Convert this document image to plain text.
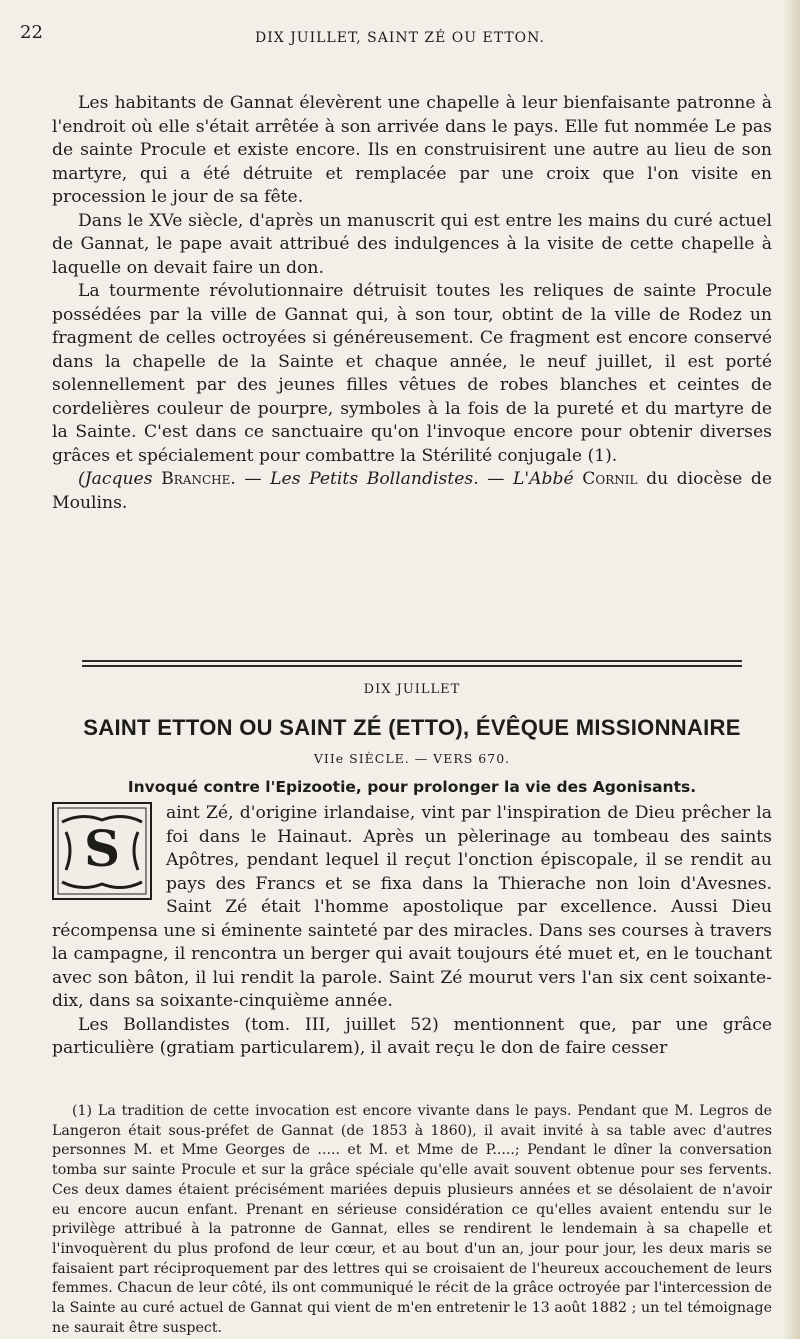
22	DIX JUILLET, SAINT ZÉ OU ETTON.

Les habitants de Gannat élevèrent une chapelle à leur bienfaisante patronne à l'endroit où elle s'était arrêtée à son arrivée dans le pays. Elle fut nommée Le pas de sainte Procule et existe encore. Ils en construisirent une autre au lieu de son martyre, qui a été détruite et remplacée par une croix que l'on visite en procession le jour de sa fête.

Dans le XVe siècle, d'après un manuscrit qui est entre les mains du curé actuel de Gannat, le pape avait attribué des indulgences à la visite de cette chapelle à laquelle on devait faire un don.

La tourmente révolutionnaire détruisit toutes les reliques de sainte Procule possédées par la ville de Gannat qui, à son tour, obtint de la ville de Rodez un fragment de celles octroyées si généreusement. Ce fragment est encore conservé dans la chapelle de la Sainte et chaque année, le neuf juillet, il est porté solennellement par des jeunes filles vêtues de robes blanches et ceintes de cordelières couleur de pourpre, symboles à la fois de la pureté et du martyre de la Sainte. C'est dans ce sanctuaire qu'on l'invoque encore pour obtenir diverses grâces et spécialement pour combattre la Stérilité conjugale (1).

(Jacques Branche. — Les Petits Bollandistes. — L'Abbé Cornil du diocèse de Moulins.

DIX JUILLET
SAINT ETTON OU SAINT ZÉ (ETTO), ÉVÊQUE MISSIONNAIRE
VIIe SIÈCLE. — VERS 670.
Invoqué contre l'Epizootie, pour prolonger la vie des Agonisants.
S

aint Zé, d'origine irlandaise, vint par l'inspiration de Dieu prêcher la foi dans le Hainaut. Après un pèlerinage au tombeau des saints Apôtres, pendant lequel il reçut l'onction épiscopale, il se rendit au pays des Francs et se fixa dans la Thierache non loin d'Avesnes. Saint Zé était l'homme apostolique par excellence. Aussi Dieu récompensa une si éminente sainteté par des miracles. Dans ses courses à travers la campagne, il rencontra un berger qui avait toujours été muet et, en le touchant avec son bâton, il lui rendit la parole. Saint Zé mourut vers l'an six cent soixante-dix, dans sa soixante-cinquième année.

Les Bollandistes (tom. III, juillet 52) mentionnent que, par une grâce particulière (gratiam particularem), il avait reçu le don de faire cesser

(1) La tradition de cette invocation est encore vivante dans le pays. Pendant que M. Legros de Langeron était sous-préfet de Gannat (de 1853 à 1860), il avait invité à sa table avec d'autres personnes M. et Mme Georges de ..... et M. et Mme de P.....; Pendant le dîner la conversation tomba sur sainte Procule et sur la grâce spéciale qu'elle avait souvent obtenue pour ses fervents. Ces deux dames étaient précisément mariées depuis plusieurs années et se désolaient de n'avoir eu encore aucun enfant. Prenant en sérieuse considération ce qu'elles avaient entendu sur le privilège attribué à la patronne de Gannat, elles se rendirent le lendemain à sa chapelle et l'invoquèrent du plus profond de leur cœur, et au bout d'un an, jour pour jour, les deux maris se faisaient part réciproquement par des lettres qui se croisaient de l'heureux accouchement de leurs femmes. Chacun de leur côté, ils ont communiqué le récit de la grâce octroyée par l'intercession de la Sainte au curé actuel de Gannat qui vient de m'en entretenir le 13 août 1882 ; un tel témoignage ne saurait être suspect.
